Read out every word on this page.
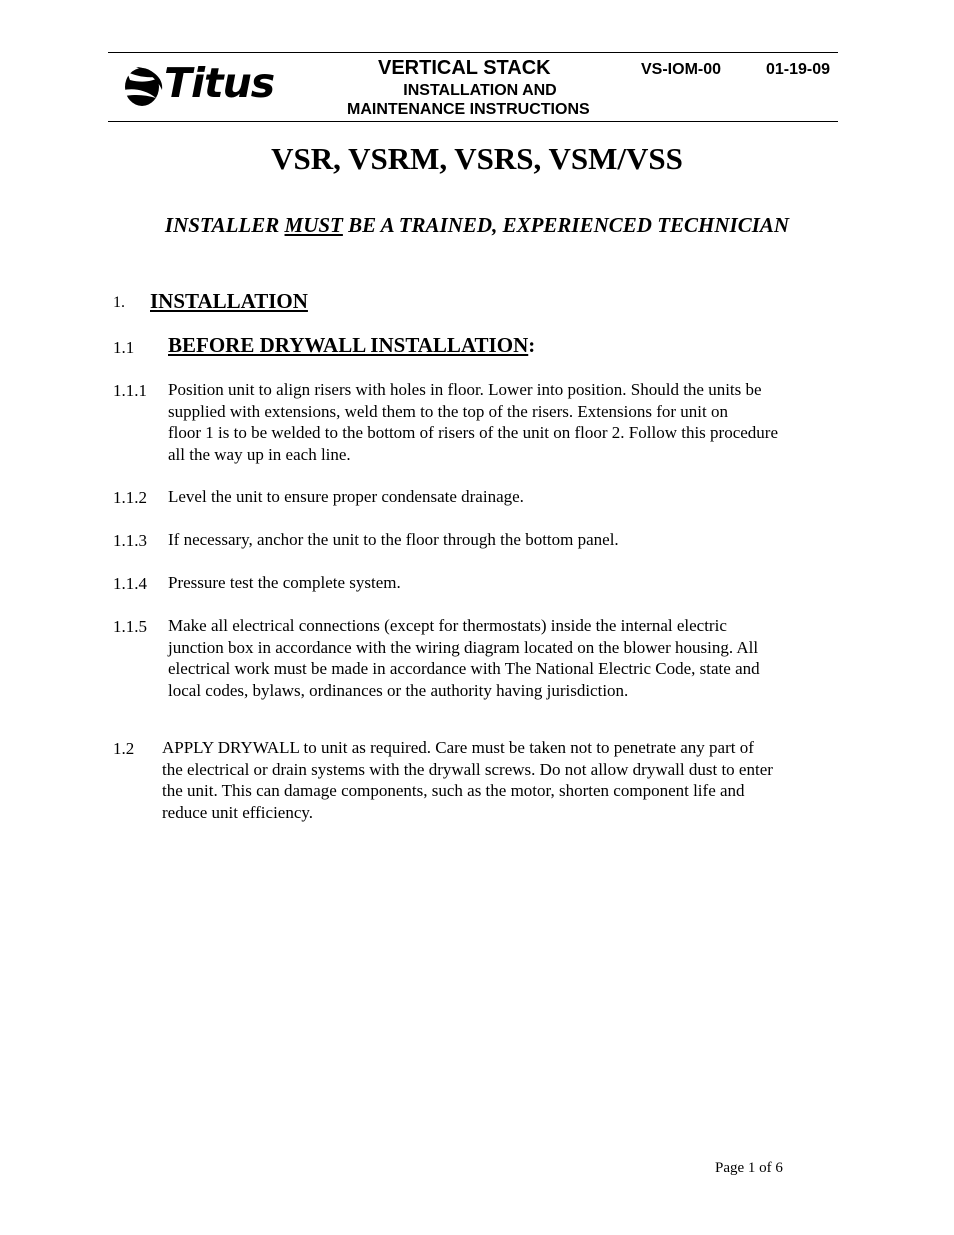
Titus	VERTICAL STACK	VS-IOM-00	01-19-09
INSTALLATION AND
MAINTENANCE INSTRUCTIONS
VSR, VSRM, VSRS, VSM/VSS
INSTALLER MUST BE A TRAINED, EXPERIENCED TECHNICIAN
1. INSTALLATION
1.1 BEFORE DRYWALL INSTALLATION:
1.1.1 Position unit to align risers with holes in floor. Lower into position. Should the units be
supplied with extensions, weld them to the top of the risers. Extensions for unit on
floor 1 is to be welded to the bottom of risers of the unit on floor 2. Follow this procedure
all the way up in each line.
1.1.2 Level the unit to ensure proper condensate drainage.
1.1.3 If necessary, anchor the unit to the floor through the bottom panel.
1.1.4 Pressure test the complete system.
1.1.5 Make all electrical connections (except for thermostats) inside the internal electric
junction box in accordance with the wiring diagram located on the blower housing. All
electrical work must be made in accordance with The National Electric Code, state and
local codes, bylaws, ordinances or the authority having jurisdiction.
1.2 APPLY DRYWALL to unit as required. Care must be taken not to penetrate any part of
the electrical or drain systems with the drywall screws. Do not allow drywall dust to enter
the unit. This can damage components, such as the motor, shorten component life and
reduce unit efficiency.
Page 1 of 6
